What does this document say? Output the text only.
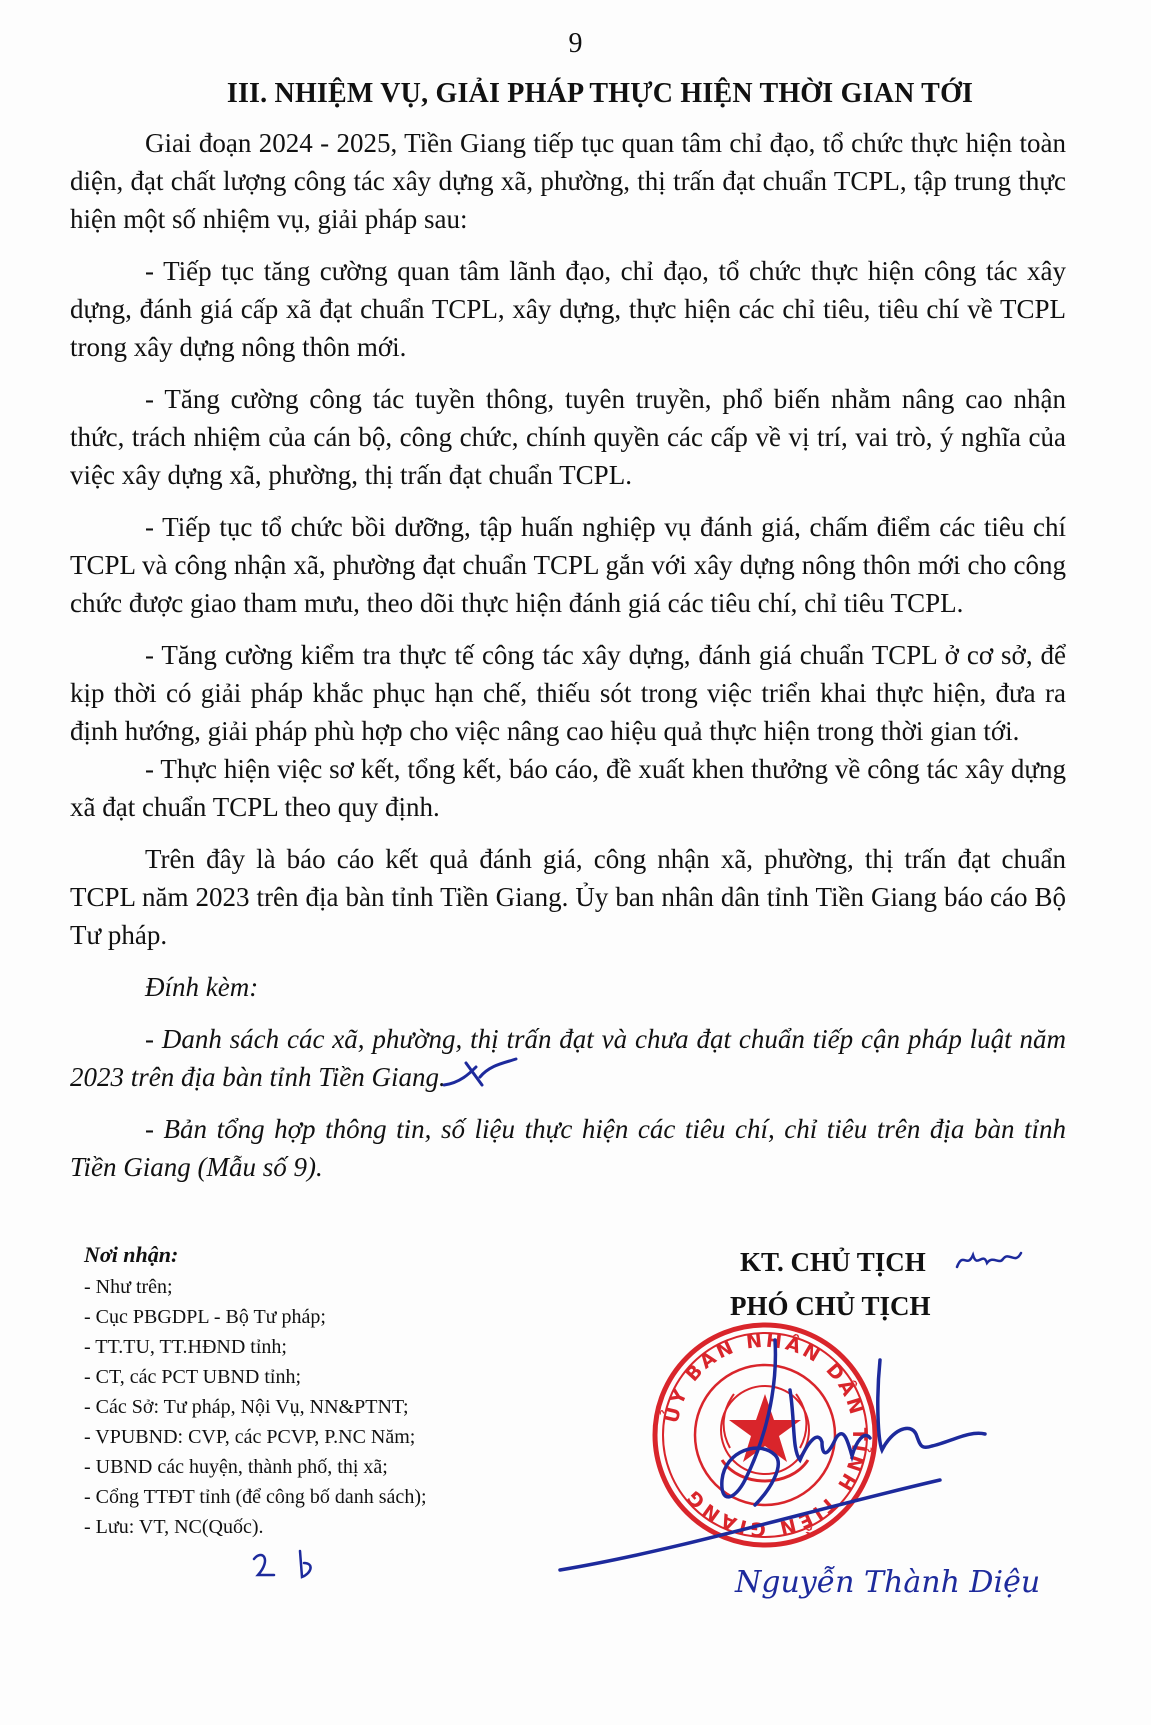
9
III. NHIỆM VỤ, GIẢI PHÁP THỰC HIỆN THỜI GIAN TỚI

Giai đoạn 2024 - 2025, Tiền Giang tiếp tục quan tâm chỉ đạo, tổ chức thực hiện toàn diện, đạt chất lượng công tác xây dựng xã, phường, thị trấn đạt chuẩn TCPL, tập trung thực hiện một số nhiệm vụ, giải pháp sau:

- Tiếp tục tăng cường quan tâm lãnh đạo, chỉ đạo, tổ chức thực hiện công tác xây dựng, đánh giá cấp xã đạt chuẩn TCPL, xây dựng, thực hiện các chỉ tiêu, tiêu chí về TCPL trong xây dựng nông thôn mới.

- Tăng cường công tác tuyền thông, tuyên truyền, phổ biến nhằm nâng cao nhận thức, trách nhiệm của cán bộ, công chức, chính quyền các cấp về vị trí, vai trò, ý nghĩa của việc xây dựng xã, phường, thị trấn đạt chuẩn TCPL.

- Tiếp tục tổ chức bồi dưỡng, tập huấn nghiệp vụ đánh giá, chấm điểm các tiêu chí TCPL và công nhận xã, phường đạt chuẩn TCPL gắn với xây dựng nông thôn mới cho công chức được giao tham mưu, theo dõi thực hiện đánh giá các tiêu chí, chỉ tiêu TCPL.

- Tăng cường kiểm tra thực tế công tác xây dựng, đánh giá chuẩn TCPL ở cơ sở, để kịp thời có giải pháp khắc phục hạn chế, thiếu sót trong việc triển khai thực hiện, đưa ra định hướng, giải pháp phù hợp cho việc nâng cao hiệu quả thực hiện trong thời gian tới.

- Thực hiện việc sơ kết, tổng kết, báo cáo, đề xuất khen thưởng về công tác xây dựng xã đạt chuẩn TCPL theo quy định.

Trên đây là báo cáo kết quả đánh giá, công nhận xã, phường, thị trấn đạt chuẩn TCPL năm 2023 trên địa bàn tỉnh Tiền Giang. Ủy ban nhân dân tỉnh Tiền Giang báo cáo Bộ Tư pháp.

Đính kèm:

- Danh sách các xã, phường, thị trấn đạt và chưa đạt chuẩn tiếp cận pháp luật năm 2023 trên địa bàn tỉnh Tiền Giang.

- Bản tổng hợp thông tin, số liệu thực hiện các tiêu chí, chỉ tiêu trên địa bàn tỉnh Tiền Giang (Mẫu số 9).

Nơi nhận:
- Như trên;
- Cục PBGDPL - Bộ Tư pháp;
- TT.TU, TT.HĐND tỉnh;
- CT, các PCT UBND tỉnh;
- Các Sở: Tư pháp, Nội Vụ, NN&PTNT;
- VPUBND: CVP, các PCVP, P.NC Năm;
- UBND các huyện, thành phố, thị xã;
- Cổng TTĐT tỉnh (để công bố danh sách);
- Lưu: VT, NC(Quốc).
KT. CHỦ TỊCH
PHÓ CHỦ TỊCH
ỦY BAN NHÂN DÂN TỈNH TIỀN GIANG
Nguyễn Thành Diệu
